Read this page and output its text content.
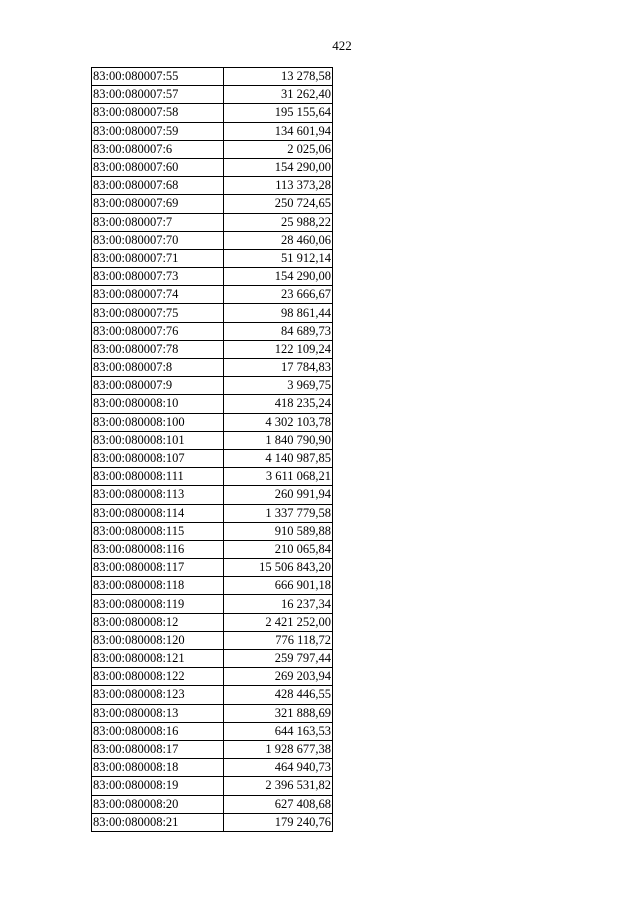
422
83:00:080007:55	13 278,58
83:00:080007:57	31 262,40
83:00:080007:58	195 155,64
83:00:080007:59	134 601,94
83:00:080007:6	2 025,06
83:00:080007:60	154 290,00
83:00:080007:68	113 373,28
83:00:080007:69	250 724,65
83:00:080007:7	25 988,22
83:00:080007:70	28 460,06
83:00:080007:71	51 912,14
83:00:080007:73	154 290,00
83:00:080007:74	23 666,67
83:00:080007:75	98 861,44
83:00:080007:76	84 689,73
83:00:080007:78	122 109,24
83:00:080007:8	17 784,83
83:00:080007:9	3 969,75
83:00:080008:10	418 235,24
83:00:080008:100	4 302 103,78
83:00:080008:101	1 840 790,90
83:00:080008:107	4 140 987,85
83:00:080008:111	3 611 068,21
83:00:080008:113	260 991,94
83:00:080008:114	1 337 779,58
83:00:080008:115	910 589,88
83:00:080008:116	210 065,84
83:00:080008:117	15 506 843,20
83:00:080008:118	666 901,18
83:00:080008:119	16 237,34
83:00:080008:12	2 421 252,00
83:00:080008:120	776 118,72
83:00:080008:121	259 797,44
83:00:080008:122	269 203,94
83:00:080008:123	428 446,55
83:00:080008:13	321 888,69
83:00:080008:16	644 163,53
83:00:080008:17	1 928 677,38
83:00:080008:18	464 940,73
83:00:080008:19	2 396 531,82
83:00:080008:20	627 408,68
83:00:080008:21	179 240,76
